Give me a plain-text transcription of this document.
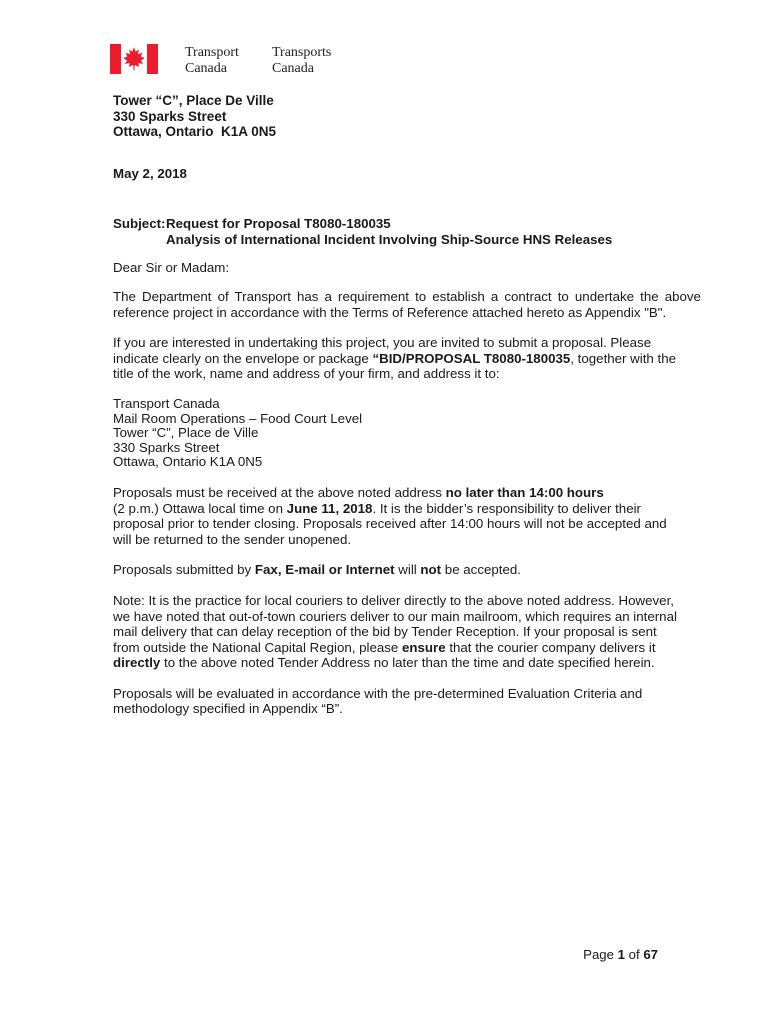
Transport
Canada
Transports
Canada
Tower “C”, Place De Ville
330 Sparks Street
Ottawa, Ontario  K1A 0N5
May 2, 2018
Subject: Request for Proposal T8080-180035
Analysis of International Incident Involving Ship-Source HNS Releases
Dear Sir or Madam:
The Department of Transport has a requirement to establish a contract to undertake the above
reference project in accordance with the Terms of Reference attached hereto as Appendix "B".
If you are interested in undertaking this project, you are invited to submit a proposal. Please
indicate clearly on the envelope or package “BID/PROPOSAL T8080-180035, together with the
title of the work, name and address of your firm, and address it to:
Transport Canada
Mail Room Operations – Food Court Level
Tower “C”, Place de Ville
330 Sparks Street
Ottawa, Ontario K1A 0N5
Proposals must be received at the above noted address no later than 14:00 hours
(2 p.m.) Ottawa local time on June 11, 2018. It is the bidder’s responsibility to deliver their
proposal prior to tender closing. Proposals received after 14:00 hours will not be accepted and
will be returned to the sender unopened.
Proposals submitted by Fax, E-mail or Internet will not be accepted.
Note: It is the practice for local couriers to deliver directly to the above noted address. However,
we have noted that out-of-town couriers deliver to our main mailroom, which requires an internal
mail delivery that can delay reception of the bid by Tender Reception. If your proposal is sent
from outside the National Capital Region, please ensure that the courier company delivers it
directly to the above noted Tender Address no later than the time and date specified herein.
Proposals will be evaluated in accordance with the pre-determined Evaluation Criteria and
methodology specified in Appendix “B”.
Page 1 of 67
